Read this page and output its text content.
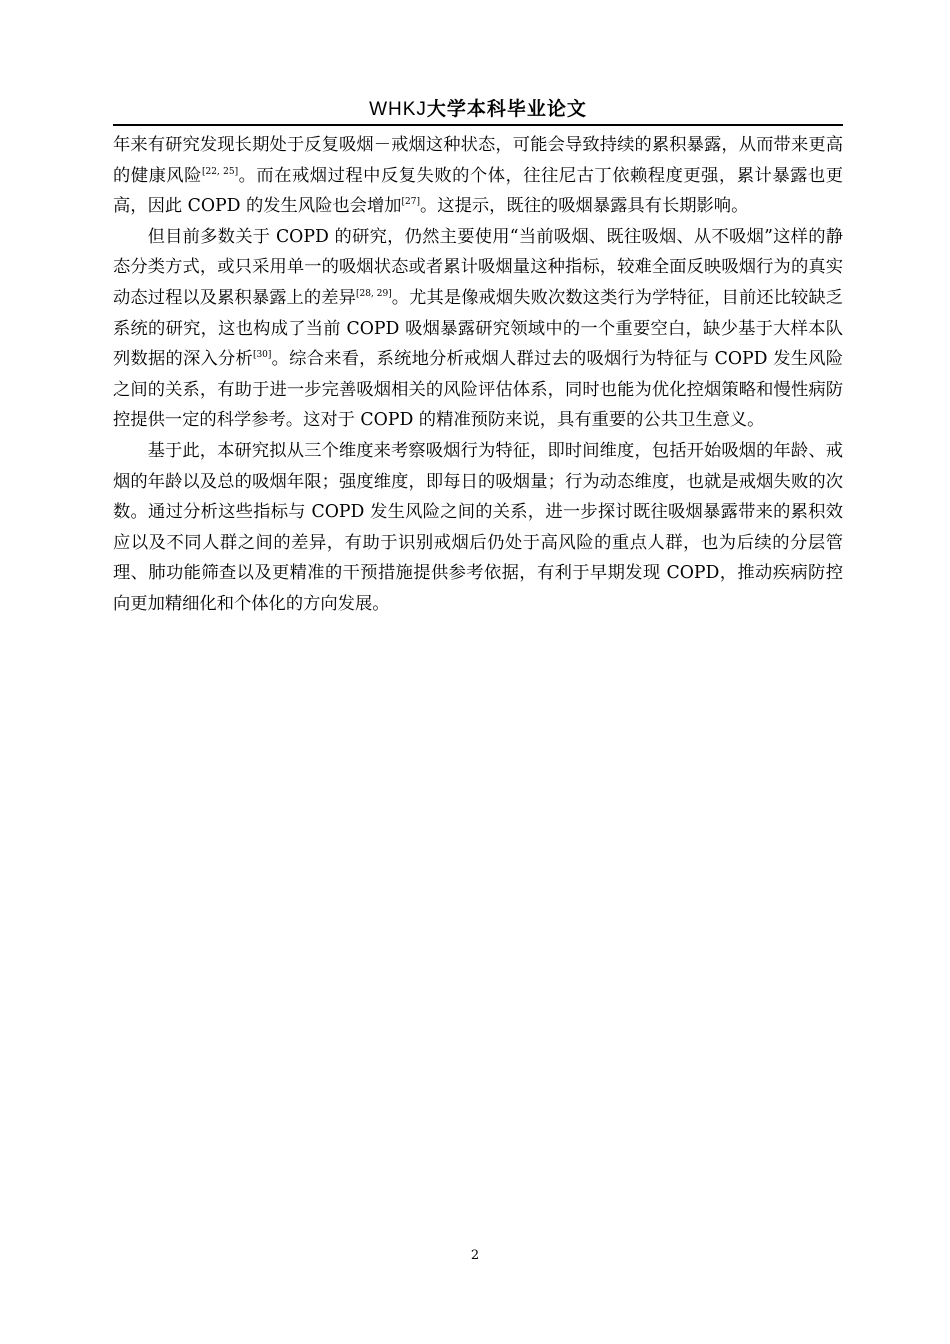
WHKJ大学本科毕业论文

年来有研究发现长期处于反复吸烟－戒烟这种状态，可能会导致持续的累积暴露，从而带来更高的健康风险[22, 25]。而在戒烟过程中反复失败的个体，往往尼古丁依赖程度更强，累计暴露也更高，因此 COPD 的发生风险也会增加[27]。这提示，既往的吸烟暴露具有长期影响。

但目前多数关于 COPD 的研究，仍然主要使用“当前吸烟、既往吸烟、从不吸烟”这样的静态分类方式，或只采用单一的吸烟状态或者累计吸烟量这种指标，较难全面反映吸烟行为的真实动态过程以及累积暴露上的差异[28, 29]。尤其是像戒烟失败次数这类行为学特征，目前还比较缺乏系统的研究，这也构成了当前 COPD 吸烟暴露研究领域中的一个重要空白，缺少基于大样本队列数据的深入分析[30]。综合来看，系统地分析戒烟人群过去的吸烟行为特征与 COPD 发生风险之间的关系，有助于进一步完善吸烟相关的风险评估体系，同时也能为优化控烟策略和慢性病防控提供一定的科学参考。这对于 COPD 的精准预防来说，具有重要的公共卫生意义。

基于此，本研究拟从三个维度来考察吸烟行为特征，即时间维度，包括开始吸烟的年龄、戒烟的年龄以及总的吸烟年限；强度维度，即每日的吸烟量；行为动态维度，也就是戒烟失败的次数。通过分析这些指标与 COPD 发生风险之间的关系，进一步探讨既往吸烟暴露带来的累积效应以及不同人群之间的差异，有助于识别戒烟后仍处于高风险的重点人群，也为后续的分层管理、肺功能筛查以及更精准的干预措施提供参考依据，有利于早期发现 COPD，推动疾病防控向更加精细化和个体化的方向发展。

2
